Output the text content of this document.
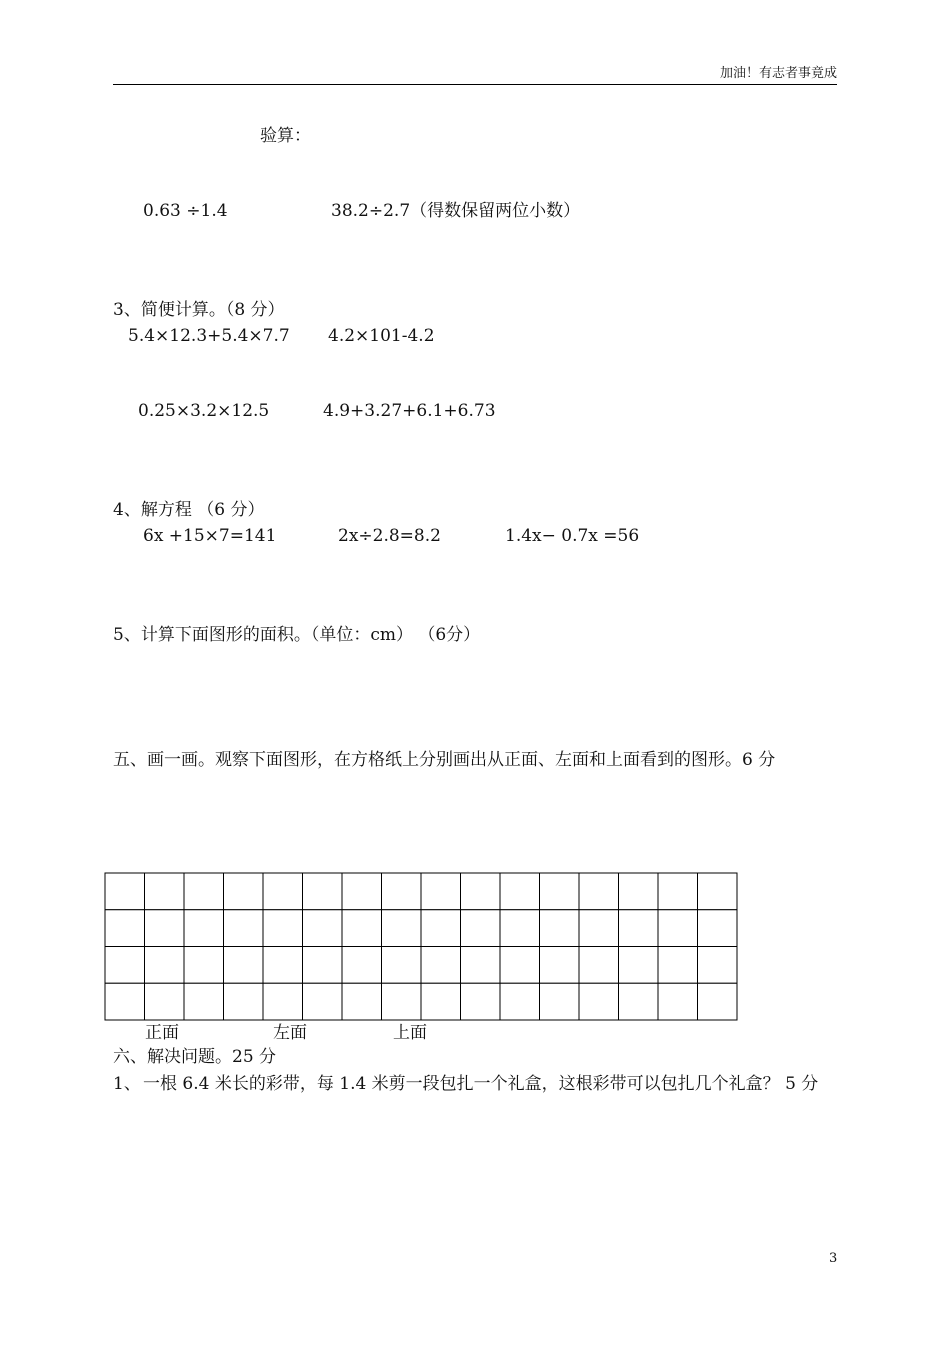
加油！有志者事竟成
验算：
0.63 ÷1.4	38.2÷2.7（得数保留两位小数）
3、简便计算。（8 分）
5.4×12.3+5.4×7.7 4.2×101-4.2
0.25×3.2×12.5	4.9+3.27+6.1+6.73
4、解方程 （6 分）
6x +15×7=141	2x÷2.8=8.2	1.4x− 0.7x =56
5、计算下面图形的面积。（单位：cm） （6分）
五、画一画。观察下面图形，在方格纸上分别画出从正面、左面和上面看到的图形。6 分
正面	左面	上面
六、解决问题。25 分
1、 一根 6.4 米长的彩带，每 1.4 米剪一段包扎一个礼盒，这根彩带可以包扎几个礼盒？ 5 分
3
